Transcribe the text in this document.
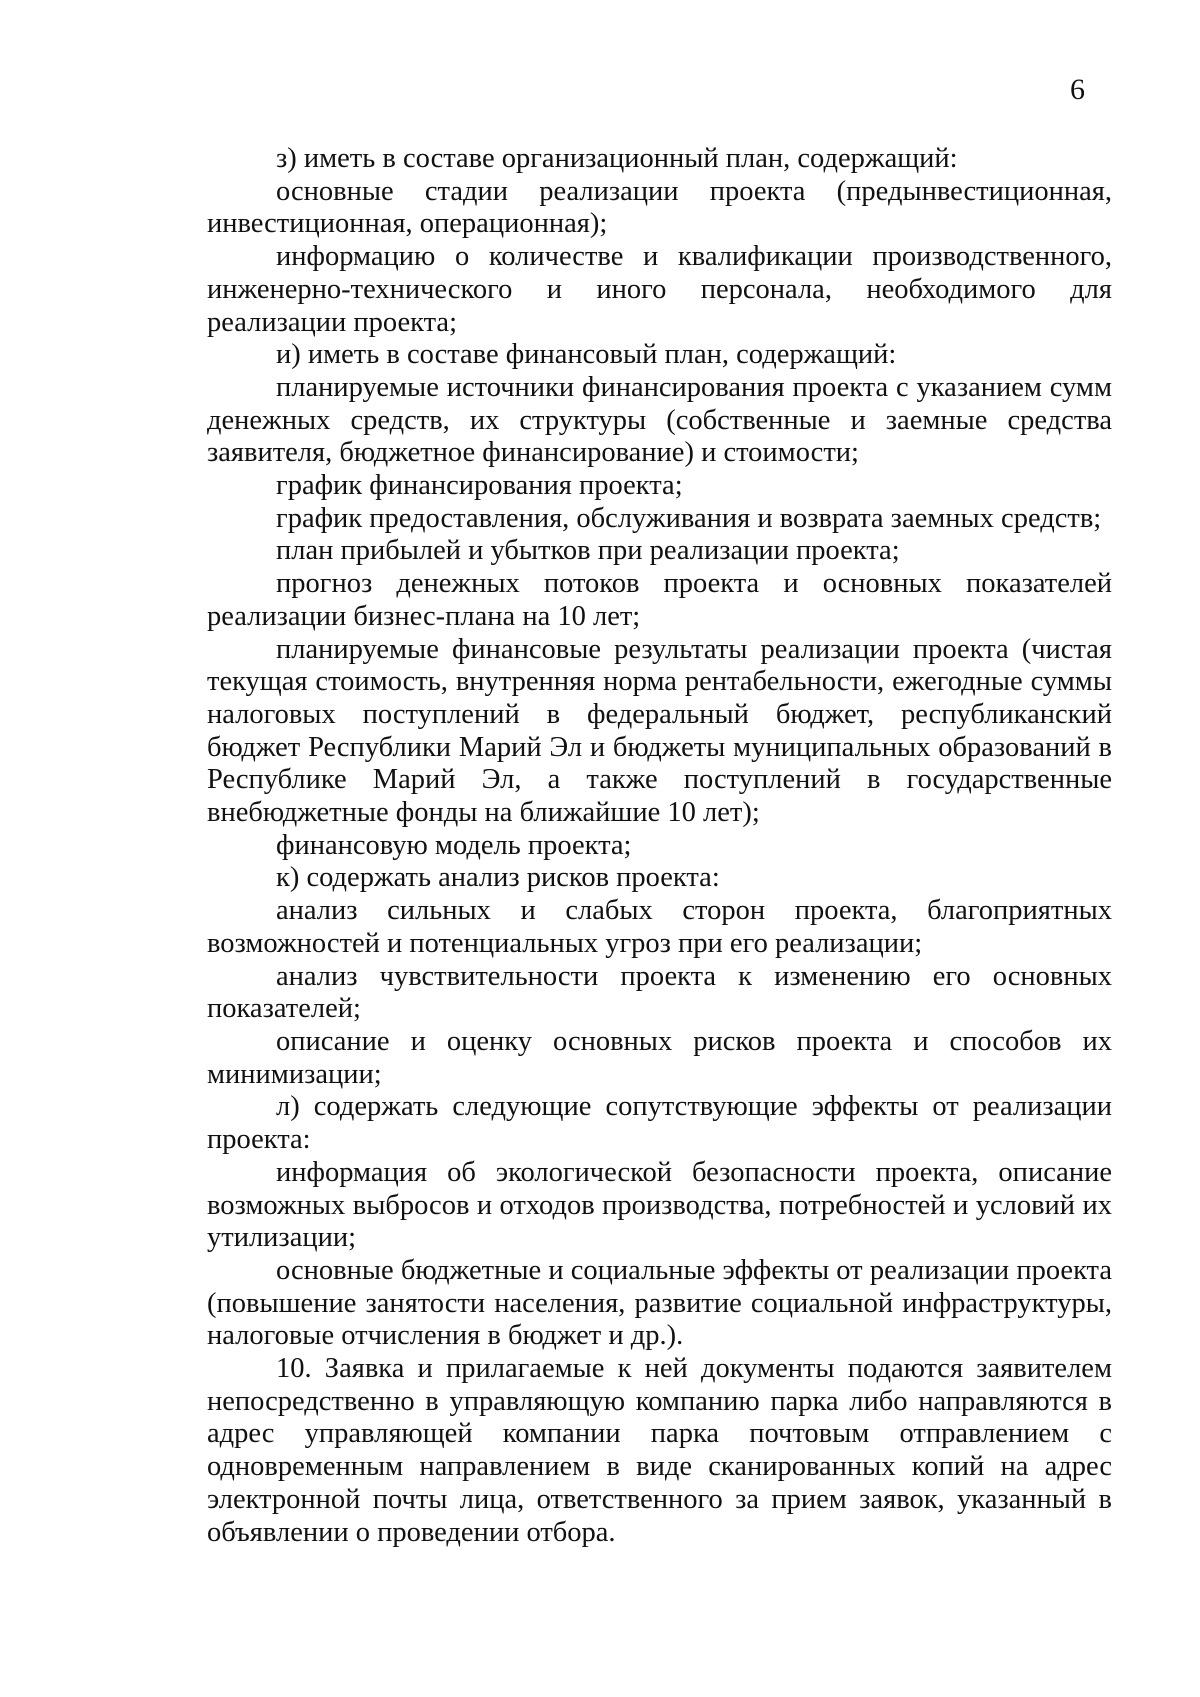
6

з) иметь в составе организационный план, содержащий:

основные стадии реализации проекта (предынвестиционная, инвестиционная, операционная);

информацию о количестве и квалификации производственного, инженерно-технического и иного персонала, необходимого для реализации проекта;

и) иметь в составе финансовый план, содержащий:

планируемые источники финансирования проекта с указанием сумм денежных средств, их структуры (собственные и заемные средства заявителя, бюджетное финансирование) и стоимости;

график финансирования проекта;

график предоставления, обслуживания и возврата заемных средств;

план прибылей и убытков при реализации проекта;

прогноз денежных потоков проекта и основных показателей реализации бизнес-плана на 10 лет;

планируемые финансовые результаты реализации проекта (чистая текущая стоимость, внутренняя норма рентабельности, ежегодные суммы налоговых поступлений в федеральный бюджет, республиканский бюджет Республики Марий Эл и бюджеты муниципальных образований в Республике Марий Эл, а также поступлений в государственные внебюджетные фонды на ближайшие 10 лет);

финансовую модель проекта;

к) содержать анализ рисков проекта:

анализ сильных и слабых сторон проекта, благоприятных возможностей и потенциальных угроз при его реализации;

анализ чувствительности проекта к изменению его основных показателей;

описание и оценку основных рисков проекта и способов их минимизации;

л) содержать следующие сопутствующие эффекты от реализации проекта:

информация об экологической безопасности проекта, описание возможных выбросов и отходов производства, потребностей и условий их утилизации;

основные бюджетные и социальные эффекты от реализации проекта (повышение занятости населения, развитие социальной инфраструктуры, налоговые отчисления в бюджет и др.).

10. Заявка и прилагаемые к ней документы подаются заявителем непосредственно в управляющую компанию парка либо направляются в адрес управляющей компании парка почтовым отправлением с одновременным направлением в виде сканированных копий на адрес электронной почты лица, ответственного за прием заявок, указанный в объявлении о проведении отбора.
